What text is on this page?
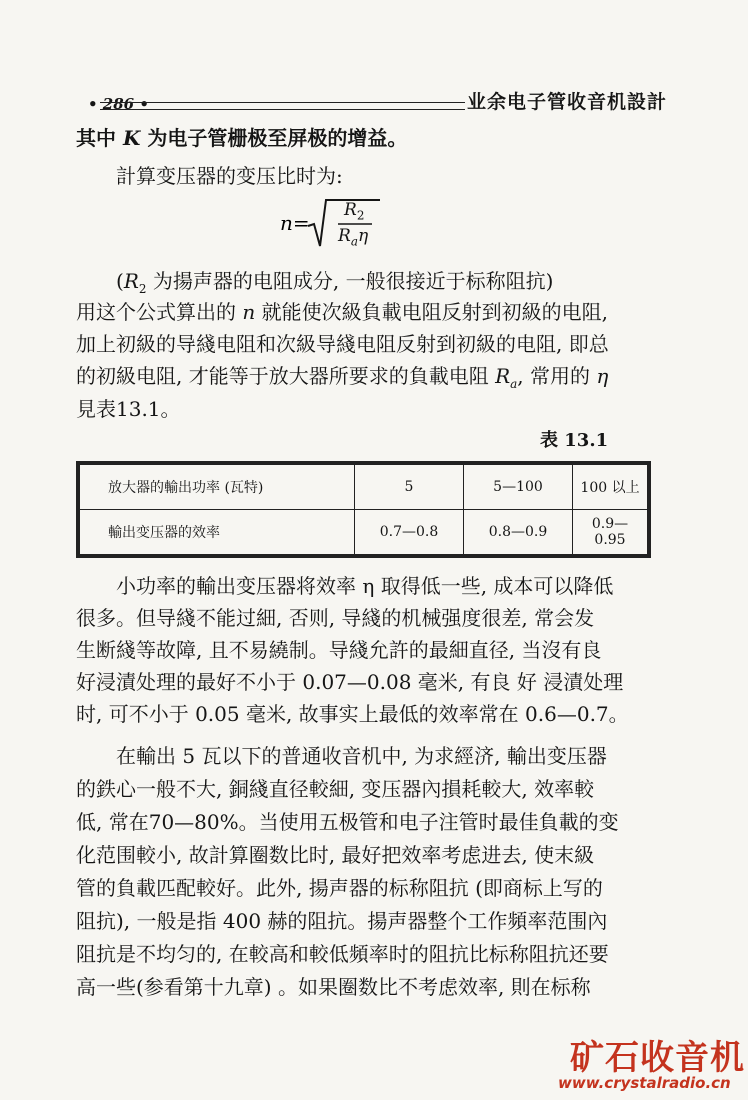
• 286 •	业余电子管收音机設計
其中 K 为电子管栅极至屏极的增益。
計算变压器的变压比时为:
n=
$R_2$
$R_a\eta$
($R_2$ 为揚声器的电阻成分, 一般很接近于标称阻抗)
用这个公式算出的 n 就能使次級負載电阻反射到初級的电阻,
加上初級的导綫电阻和次級导綫电阻反射到初級的电阻, 即总
的初級电阻, 才能等于放大器所要求的負載电阻 $R_a$, 常用的 η
見表13.1。
表 13.1
放大器的輸出功率 (瓦特)	5	5—100	100 以上
輸出变压器的效率	0.7—0.8	0.8—0.9	0.9—0.95
小功率的輸出变压器将效率 η 取得低一些, 成本可以降低
很多。但导綫不能过細, 否则, 导綫的机械强度很差, 常会发
生断綫等故障, 且不易繞制。导綫允許的最細直径, 当沒有良
好浸漬处理的最好不小于 0.07—0.08 毫米, 有良 好 浸漬处理
时, 可不小于 0.05 毫米, 故事实上最低的效率常在 0.6—0.7。
在輸出 5 瓦以下的普通收音机中, 为求經济, 輸出变压器
的鉄心一般不大, 銅綫直径較細, 变压器內損耗較大, 效率較
低, 常在70—80%。当使用五极管和电子注管时最佳負載的变
化范围較小, 故計算圈数比时, 最好把效率考虑进去, 使末級
管的負載匹配較好。此外, 揚声器的标称阻抗 (即商标上写的
阻抗), 一般是指 400 赫的阻抗。揚声器整个工作頻率范围內
阻抗是不均匀的, 在較高和較低頻率时的阻抗比标称阻抗还要
高一些(参看第十九章) 。如果圈数比不考虑效率, 則在标称
矿石收音机
www.crystalradio.cn
